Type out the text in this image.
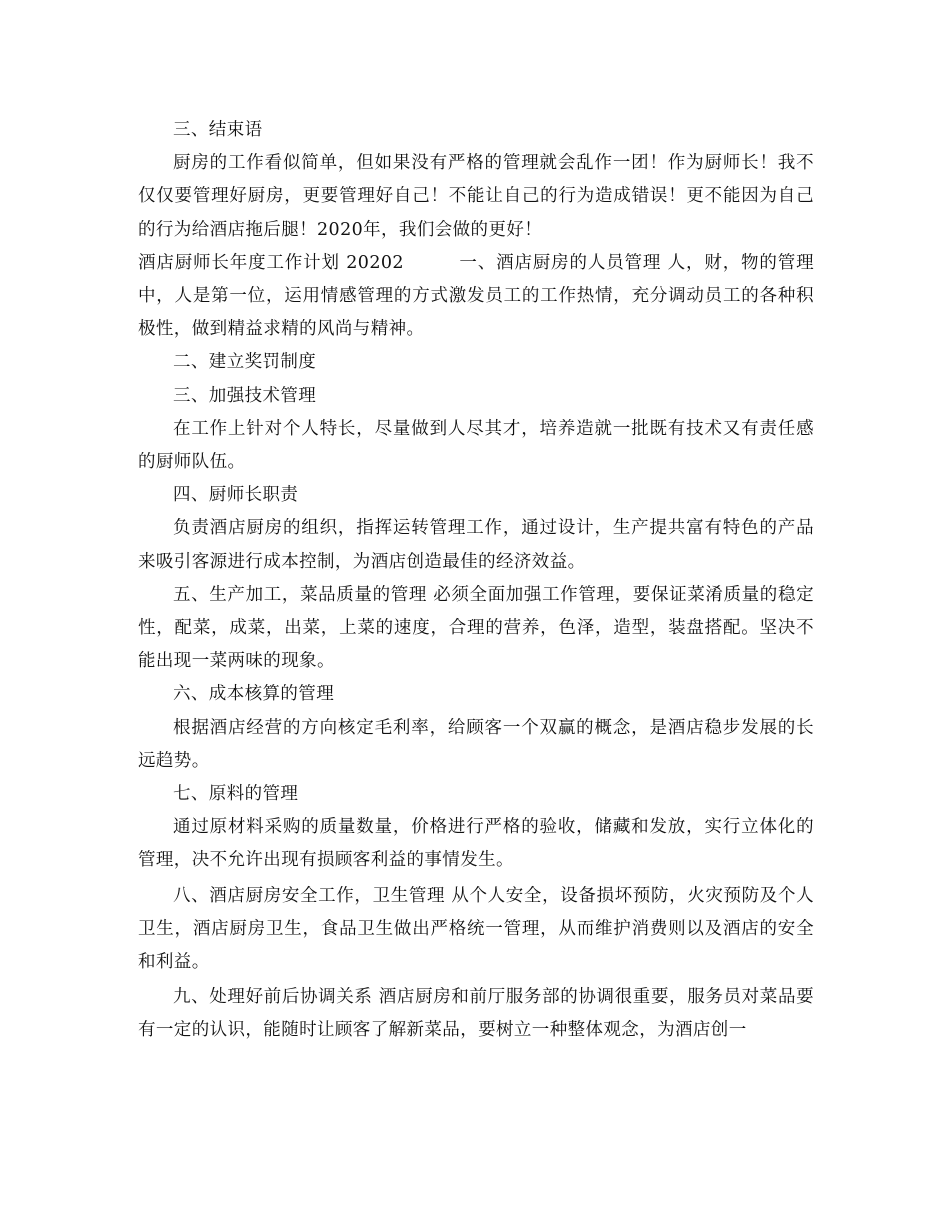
三、结束语

厨房的工作看似简单，但如果没有严格的管理就会乱作一团！作为厨师长！我不仅仅要管理好厨房，更要管理好自己！不能让自己的行为造成错误！更不能因为自己的行为给酒店拖后腿！2020年，我们会做的更好！

酒店厨师长年度工作计划 20202　　　一、酒店厨房的人员管理 人，财，物的管理中，人是第一位，运用情感管理的方式激发员工的工作热情，充分调动员工的各种积极性，做到精益求精的风尚与精神。

二、建立奖罚制度

三、加强技术管理

在工作上针对个人特长，尽量做到人尽其才，培养造就一批既有技术又有责任感的厨师队伍。

四、厨师长职责

负责酒店厨房的组织，指挥运转管理工作，通过设计，生产提共富有特色的产品来吸引客源进行成本控制，为酒店创造最佳的经济效益。

五、生产加工，菜品质量的管理 必须全面加强工作管理，要保证菜淆质量的稳定性，配菜，成菜，出菜，上菜的速度，合理的营养，色泽，造型，装盘搭配。坚决不能出现一菜两味的现象。

六、成本核算的管理

根据酒店经营的方向核定毛利率，给顾客一个双赢的概念，是酒店稳步发展的长远趋势。

七、原料的管理

通过原材料采购的质量数量，价格进行严格的验收，储藏和发放，实行立体化的管理，决不允许出现有损顾客利益的事情发生。

八、酒店厨房安全工作，卫生管理 从个人安全，设备损坏预防，火灾预防及个人卫生，酒店厨房卫生，食品卫生做出严格统一管理，从而维护消费则以及酒店的安全和利益。

九、处理好前后协调关系 酒店厨房和前厅服务部的协调很重要，服务员对菜品要有一定的认识，能随时让顾客了解新菜品，要树立一种整体观念，为酒店创一
